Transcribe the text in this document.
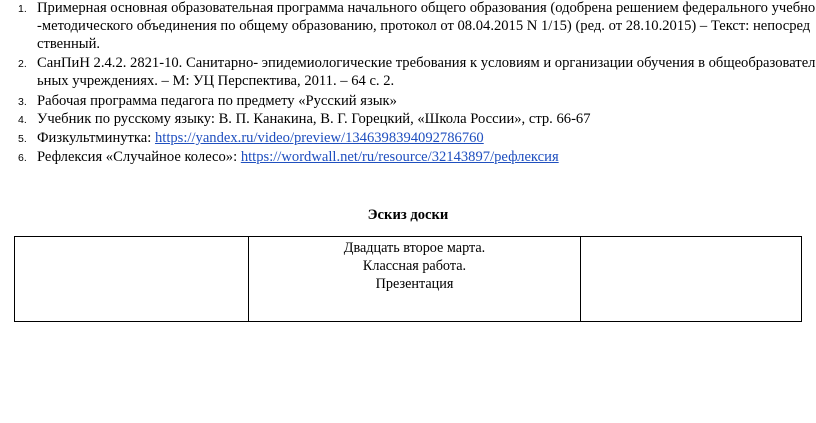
1. Примерная основная образовательная программа начального общего образования (одобрена решением федерального учебно
-методического объединения по общему образованию, протокол от 08.04.2015 N 1/15) (ред. от 28.10.2015) – Текст: непосред
ственный.
2. СанПиН 2.4.2. 2821-10. Санитарно- эпидемиологические требования к условиям и организации обучения в общеобразовател
ьных учреждениях. – М: УЦ Перспектива, 2011. – 64 с. 2.
3. Рабочая программа педагога по предмету «Русский язык»
4. Учебник по русскому языку: В. П. Канакина, В. Г. Горецкий, «Школа России», стр. 66-67
5. Физкультминутка: https://yandex.ru/video/preview/1346398394092786760
6. Рефлексия «Случайное колесо»: https://wordwall.net/ru/resource/32143897/рефлексия
Эскиз доски
Двадцать второе марта.
Классная работа.
Презентация
